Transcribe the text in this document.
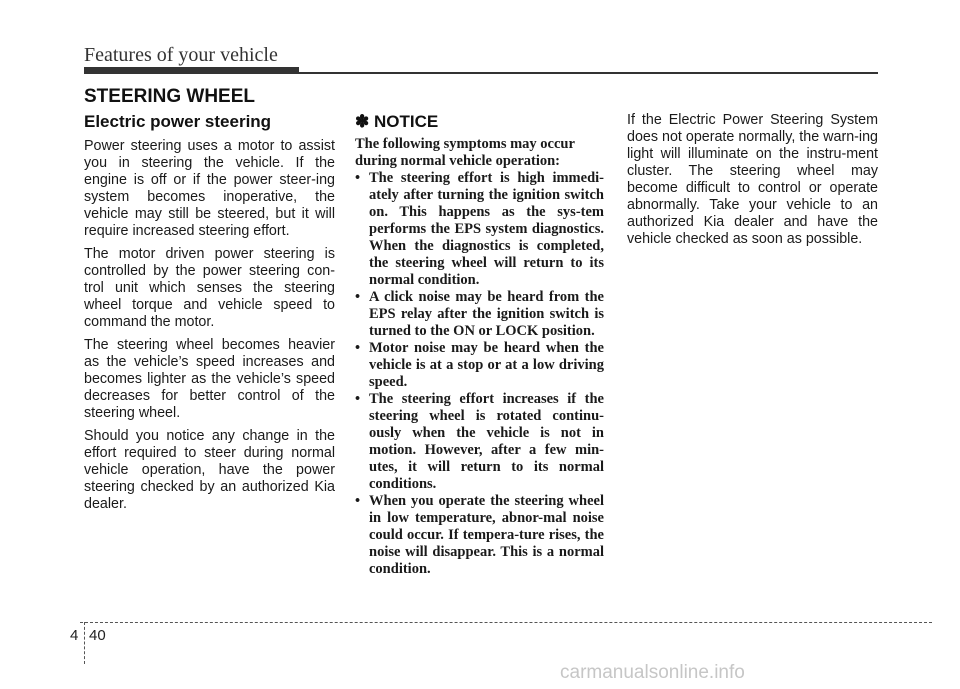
Features of your vehicle
STEERING WHEEL
Electric power steering

Power steering uses a motor to assist you in steering the vehicle. If the engine is off or if the power steer-ing system becomes inoperative, the vehicle may still be steered, but it will require increased steering effort.

The motor driven power steering is controlled by the power steering con-trol unit which senses the steering wheel torque and vehicle speed to command the motor.

The steering wheel becomes heavier as the vehicle’s speed increases and becomes lighter as the vehicle’s speed decreases for better control of the steering wheel.

Should you notice any change in the effort required to steer during normal vehicle operation, have the power steering checked by an authorized Kia dealer.

✽ NOTICE

The following symptoms may occur during normal vehicle operation:

• The steering effort is high immedi-ately after turning the ignition switch on. This happens as the sys-tem performs the EPS system diagnostics. When the diagnostics is completed, the steering wheel will return to its normal condition.
• A click noise may be heard from the EPS relay after the ignition switch is turned to the ON or LOCK position.
• Motor noise may be heard when the vehicle is at a stop or at a low driving speed.
• The steering effort increases if the steering wheel is rotated continu-ously when the vehicle is not in motion. However, after a few min-utes, it will return to its normal conditions.
• When you operate the steering wheel in low temperature, abnor-mal noise could occur. If tempera-ture rises, the noise will disappear. This is a normal condition.

If the Electric Power Steering System does not operate normally, the warn-ing light will illuminate on the instru-ment cluster. The steering wheel may become difficult to control or operate abnormally. Take your vehicle to an authorized Kia dealer and have the vehicle checked as soon as possible.

4 40
carmanualsonline.info
